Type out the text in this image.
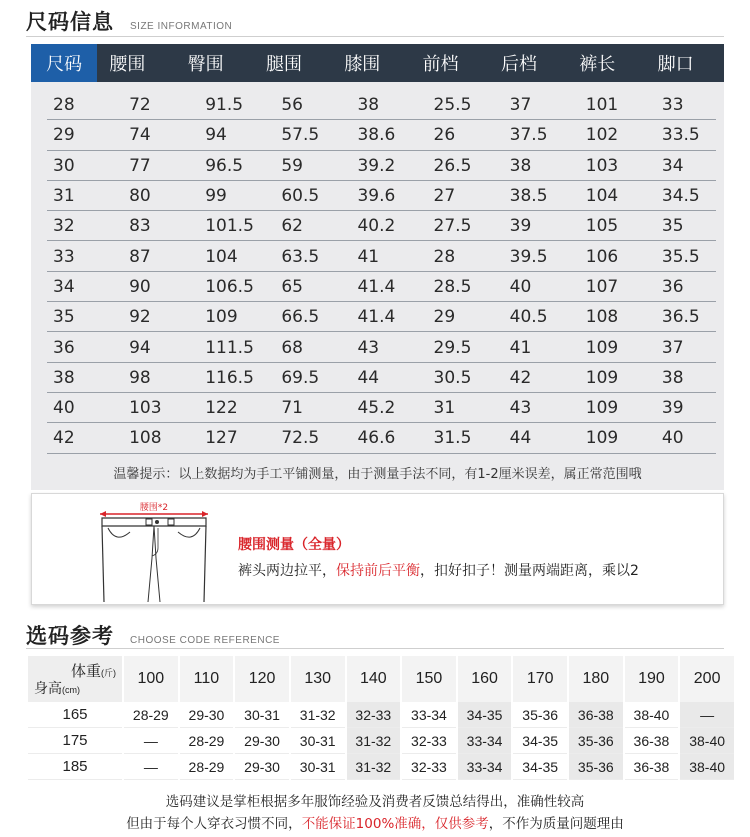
尺码信息 SIZE INFORMATION
尺码	腰围	臀围	腿围	膝围	前档	后档	裤长	脚口
28	72	91.5	56	38	25.5	37	101	33
29	74	94	57.5	38.6	26	37.5	102	33.5
30	77	96.5	59	39.2	26.5	38	103	34
31	80	99	60.5	39.6	27	38.5	104	34.5
32	83	101.5	62	40.2	27.5	39	105	35
33	87	104	63.5	41	28	39.5	106	35.5
34	90	106.5	65	41.4	28.5	40	107	36
35	92	109	66.5	41.4	29	40.5	108	36.5
36	94	111.5	68	43	29.5	41	109	37
38	98	116.5	69.5	44	30.5	42	109	38
40	103	122	71	45.2	31	43	109	39
42	108	127	72.5	46.6	31.5	44	109	40
温馨提示：以上数据均为手工平铺测量，由于测量手法不同，有1-2厘米误差，属正常范围哦
腰围*2
腰围测量（全量）
裤头两边拉平，保持前后平衡，扣好扣子！测量两端距离，乘以2
选码参考 CHOOSE CODE REFERENCE
体重(斤)
身高(cm)	100	110	120	130	140	150	160	170	180	190	200
165	28-29	29-30	30-31	31-32	32-33	33-34	34-35	35-36	36-38	38-40	—
175	—	28-29	29-30	30-31	31-32	32-33	33-34	34-35	35-36	36-38	38-40
185	—	28-29	29-30	30-31	31-32	32-33	33-34	34-35	35-36	36-38	38-40
选码建议是掌柜根据多年服饰经验及消费者反馈总结得出，准确性较高
但由于每个人穿衣习惯不同，不能保证100%准确，仅供参考，不作为质量问题理由
